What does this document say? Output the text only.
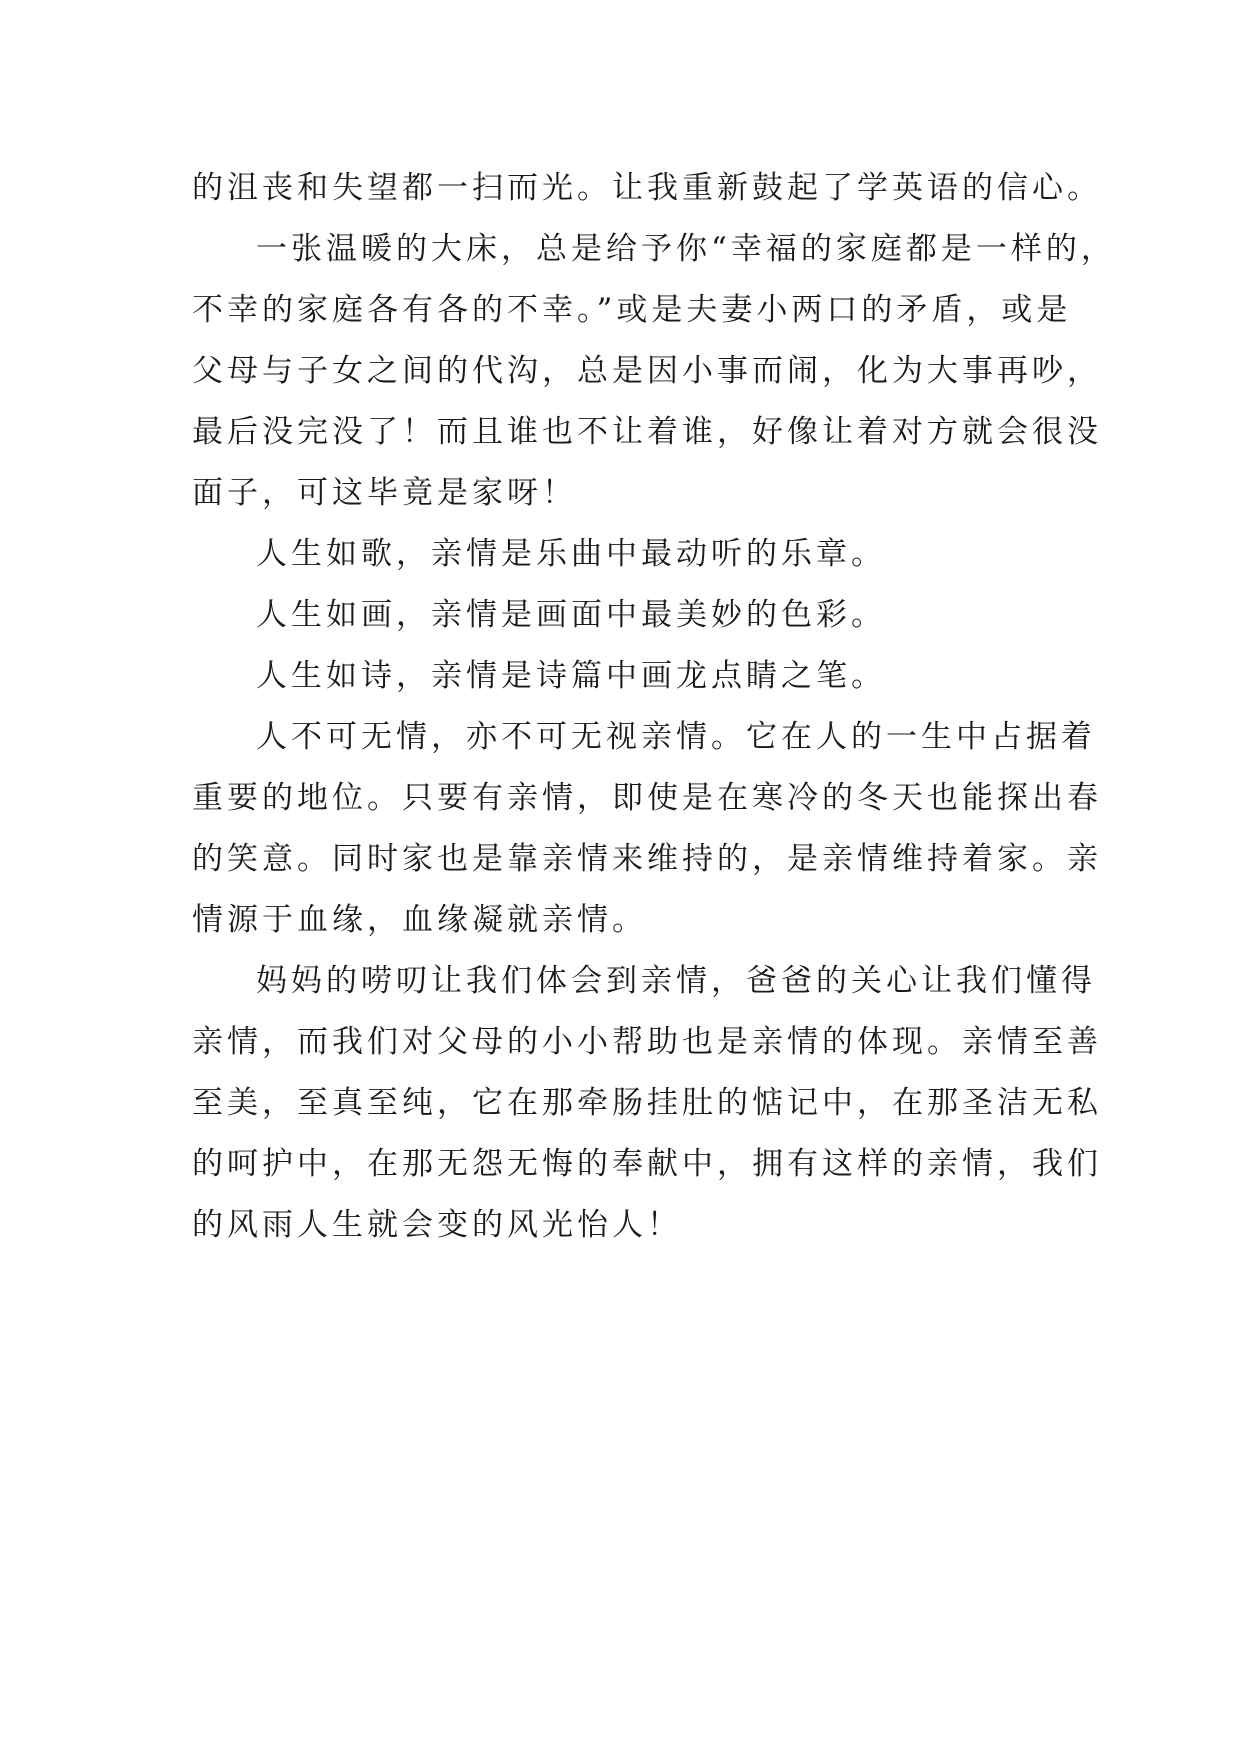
的沮丧和失望都一扫而光。让我重新鼓起了学英语的信心。
一张温暖的大床，总是给予你“幸福的家庭都是一样的，
不幸的家庭各有各的不幸。”或是夫妻小两口的矛盾，或是
父母与子女之间的代沟，总是因小事而闹，化为大事再吵，
最后没完没了！而且谁也不让着谁，好像让着对方就会很没
面子，可这毕竟是家呀！
人生如歌，亲情是乐曲中最动听的乐章。
人生如画，亲情是画面中最美妙的色彩。
人生如诗，亲情是诗篇中画龙点睛之笔。
人不可无情，亦不可无视亲情。它在人的一生中占据着
重要的地位。只要有亲情，即使是在寒冷的冬天也能探出春
的笑意。同时家也是靠亲情来维持的，是亲情维持着家。亲
情源于血缘，血缘凝就亲情。
妈妈的唠叨让我们体会到亲情，爸爸的关心让我们懂得
亲情，而我们对父母的小小帮助也是亲情的体现。亲情至善
至美，至真至纯，它在那牵肠挂肚的惦记中，在那圣洁无私
的呵护中，在那无怨无悔的奉献中，拥有这样的亲情，我们
的风雨人生就会变的风光怡人！
